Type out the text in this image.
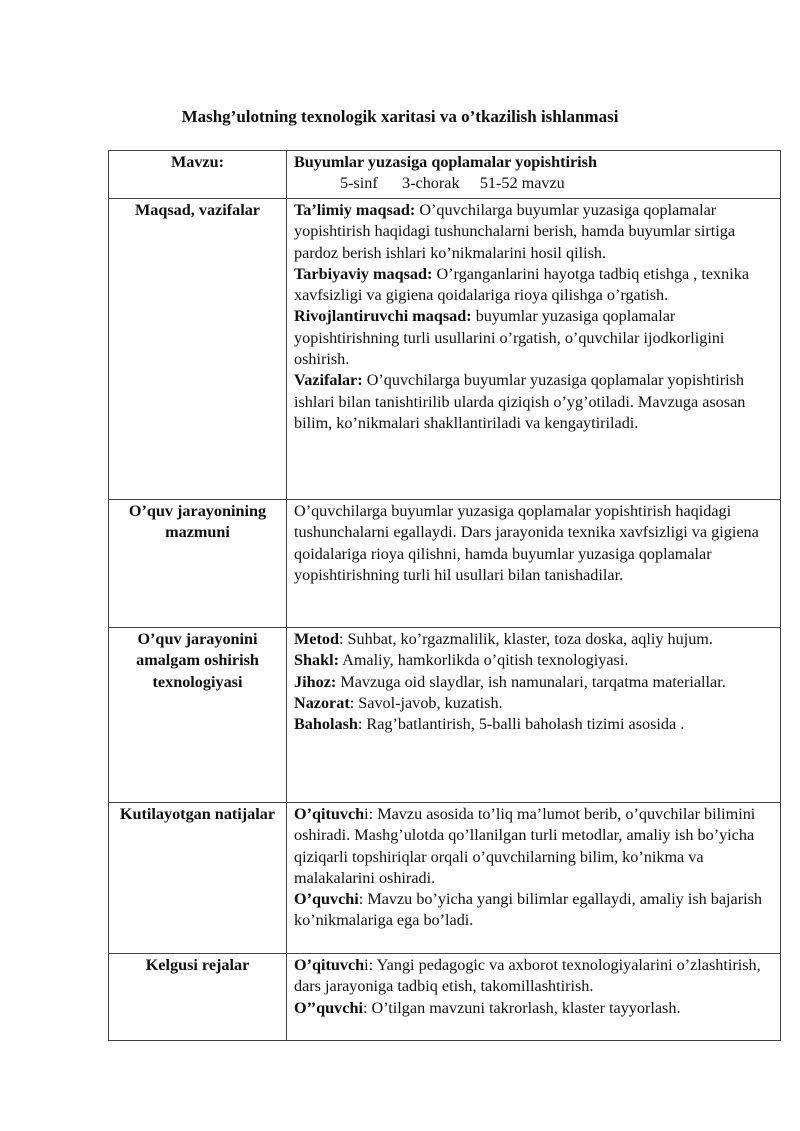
Mashg’ulotning texnologik xaritasi va o’tkazilish ishlanmasi
Mavzu:	Buyumlar yuzasiga qoplamalar yopishtirish
5-sinf 3-chorak 51-52 mavzu

Maqsad, vazifalar	Ta’limiy maqsad: O’quvchilarga buyumlar yuzasiga qoplamalar yopishtirish haqidagi tushunchalarni berish, hamda buyumlar sirtiga pardoz berish ishlari ko’nikmalarini hosil qilish.
Tarbiyaviy maqsad: O’rganganlarini hayotga tadbiq etishga , texnika xavfsizligi va gigiena qoidalariga rioya qilishga o’rgatish.
Rivojlantiruvchi maqsad: buyumlar yuzasiga qoplamalar yopishtirishning turli usullarini o’rgatish, o’quvchilar ijodkorligini oshirish.
Vazifalar: O’quvchilarga buyumlar yuzasiga qoplamalar yopishtirish ishlari bilan tanishtirilib ularda qiziqish o’yg’otiladi. Mavzuga asosan bilim, ko’nikmalari shakllantiriladi va kengaytiriladi.

O’quv jarayonining mazmuni	O’quvchilarga buyumlar yuzasiga qoplamalar yopishtirish haqidagi tushunchalarni egallaydi. Dars jarayonida texnika xavfsizligi va gigiena qoidalariga rioya qilishni, hamda buyumlar yuzasiga qoplamalar yopishtirishning turli hil usullari bilan tanishadilar.
O’quv jarayonini amalgam oshirish texnologiyasi	Metod: Suhbat, ko’rgazmalilik, klaster, toza doska, aqliy hujum.
Shakl: Amaliy, hamkorlikda o’qitish texnologiyasi.
Jihoz: Mavzuga oid slaydlar, ish namunalari, tarqatma materiallar.
Nazorat: Savol-javob, kuzatish.
Baholash: Rag’batlantirish, 5-balli baholash tizimi asosida .

Kutilayotgan natijalar	O’qituvchi: Mavzu asosida to’liq ma’lumot berib, o’quvchilar bilimini oshiradi. Mashg’ulotda qo’llanilgan turli metodlar, amaliy ish bo’yicha qiziqarli topshiriqlar orqali o’quvchilarning bilim, ko’nikma va malakalarini oshiradi.
O’quvchi: Mavzu bo’yicha yangi bilimlar egallaydi, amaliy ish bajarish ko’nikmalariga ega bo’ladi.

Kelgusi rejalar	O’qituvchi: Yangi pedagogic va axborot texnologiyalarini o’zlashtirish, dars jarayoniga tadbiq etish, takomillashtirish.
O’’quvchi: O’tilgan mavzuni takrorlash, klaster tayyorlash.
